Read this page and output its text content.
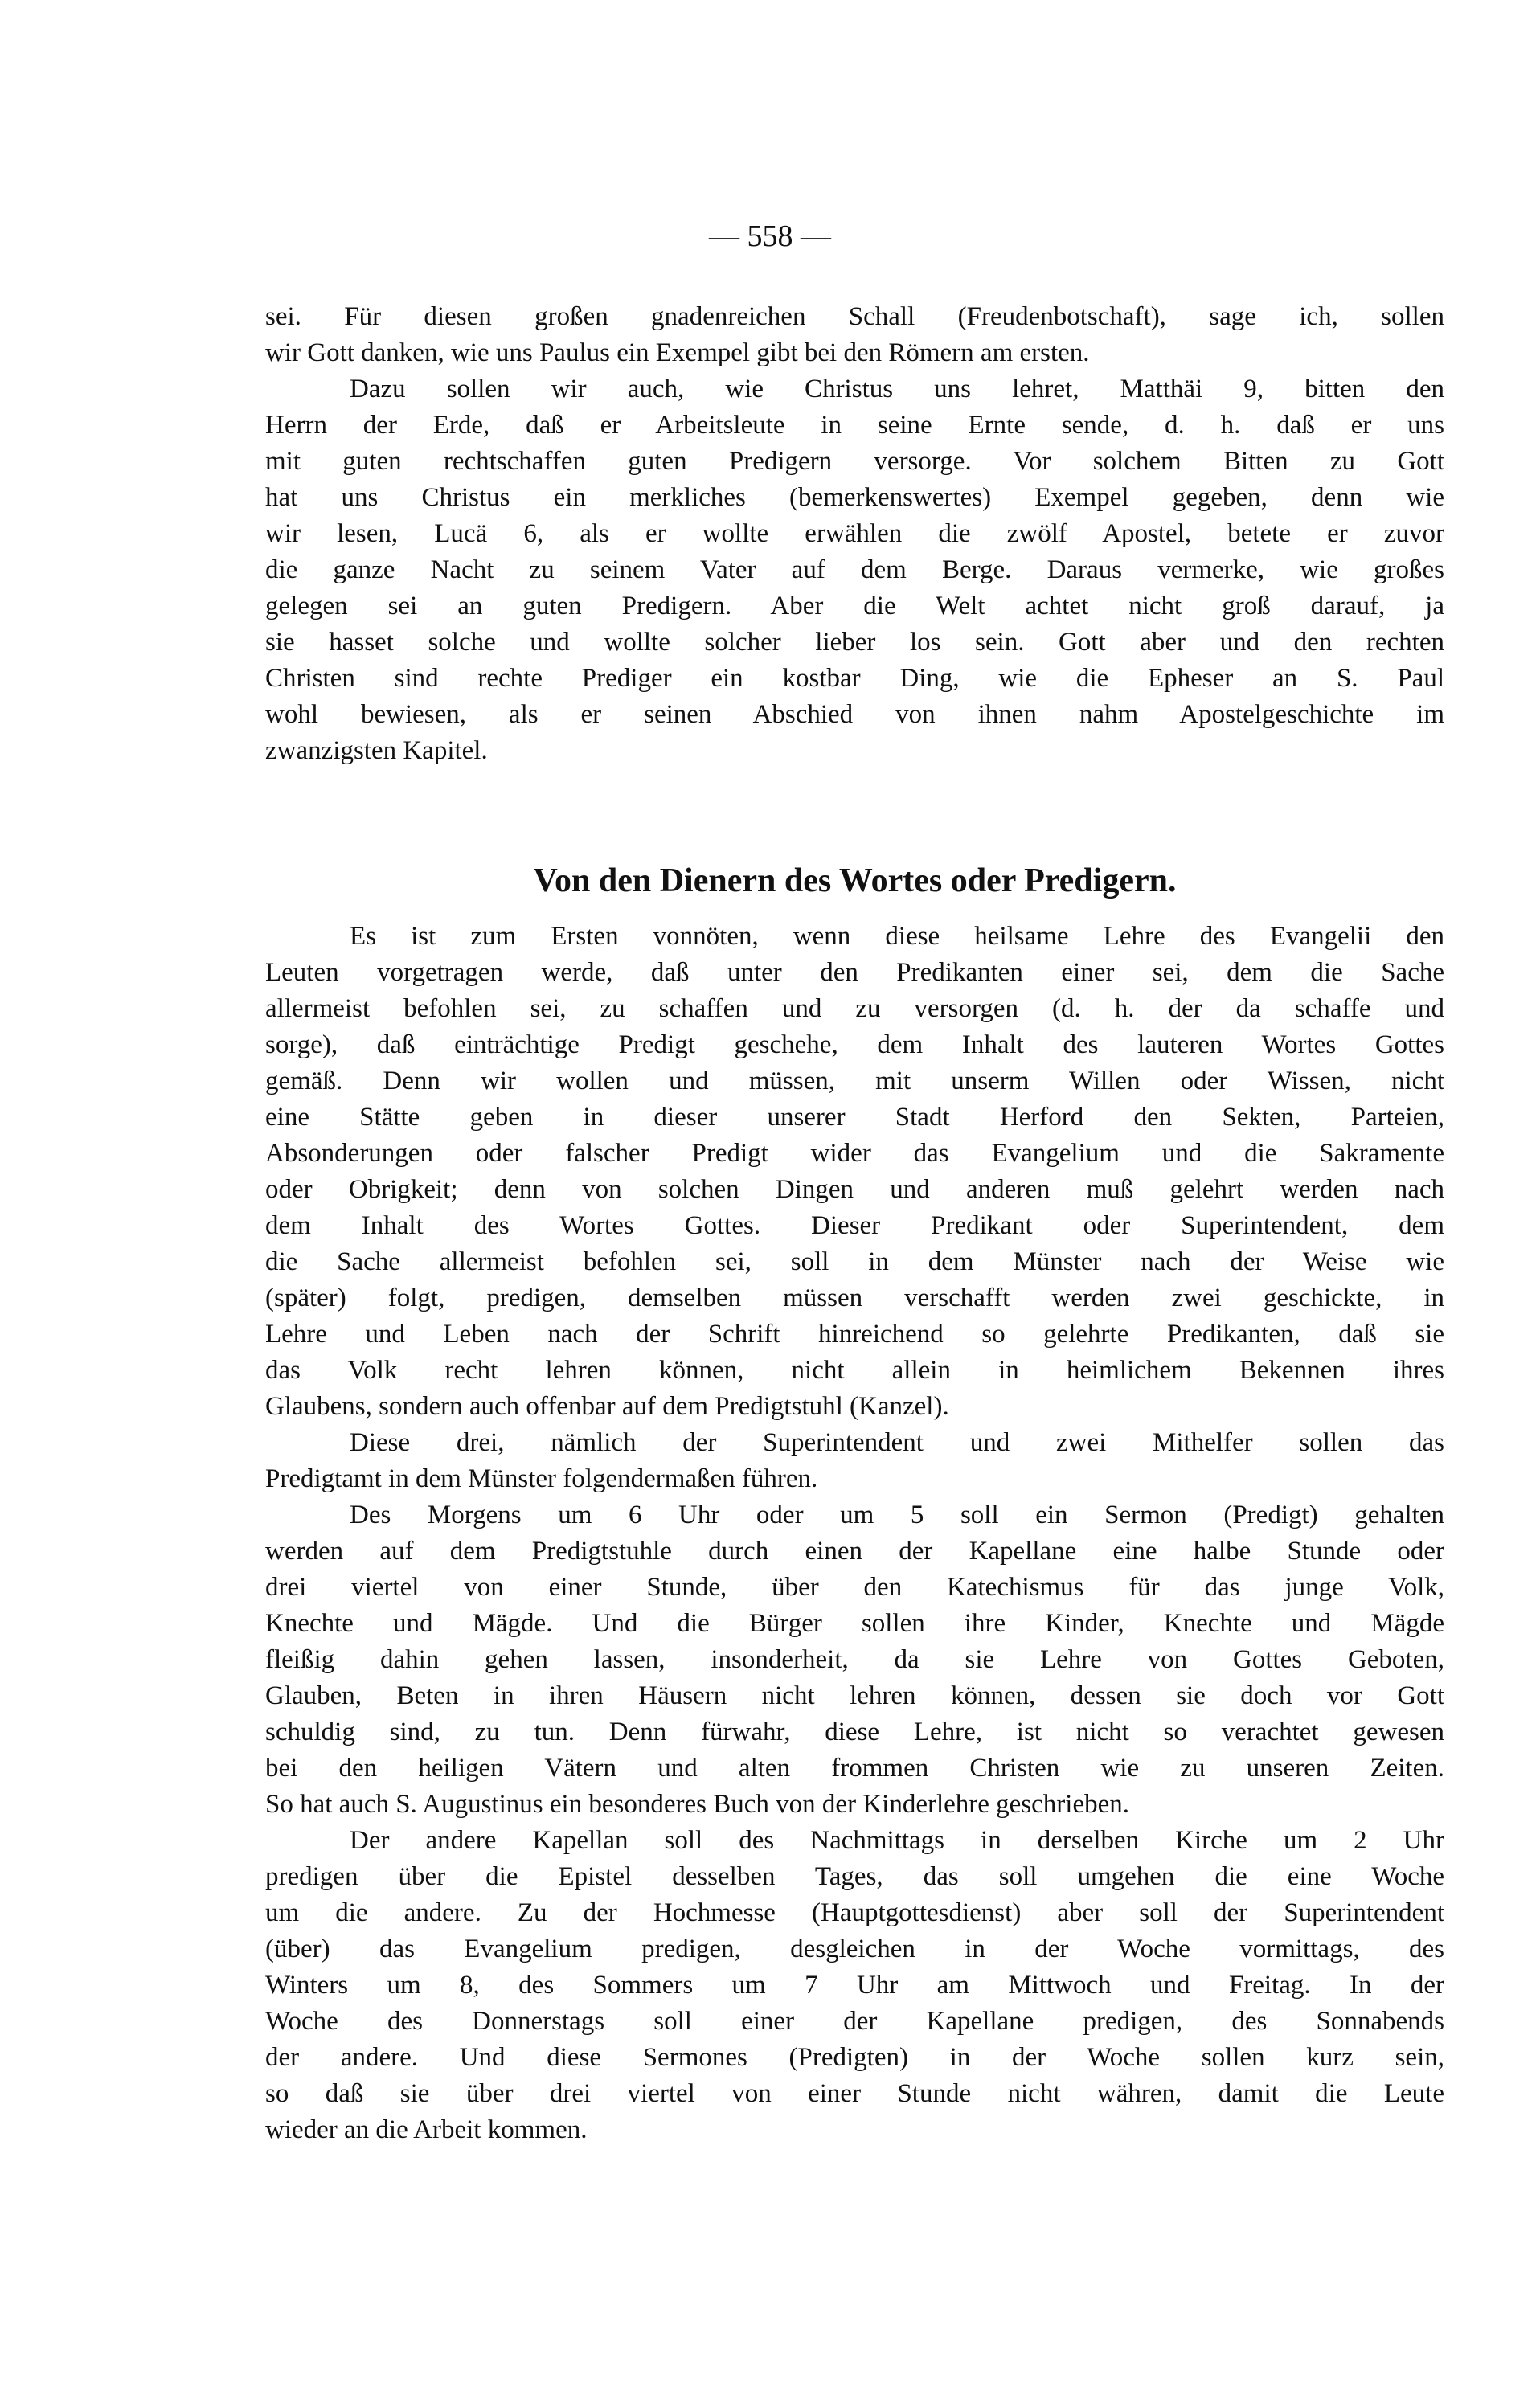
— 558 —
sei. Für diesen großen gnadenreichen Schall (Freudenbotschaft), sage ich, sollen
wir Gott danken, wie uns Paulus ein Exempel gibt bei den Römern am ersten.
Dazu sollen wir auch, wie Christus uns lehret, Matthäi 9, bitten den
Herrn der Erde, daß er Arbeitsleute in seine Ernte sende, d. h. daß er uns
mit guten rechtschaffen guten Predigern versorge. Vor solchem Bitten zu Gott
hat uns Christus ein merkliches (bemerkenswertes) Exempel gegeben, denn wie
wir lesen, Lucä 6, als er wollte erwählen die zwölf Apostel, betete er zuvor
die ganze Nacht zu seinem Vater auf dem Berge. Daraus vermerke, wie großes
gelegen sei an guten Predigern. Aber die Welt achtet nicht groß darauf, ja
sie hasset solche und wollte solcher lieber los sein. Gott aber und den rechten
Christen sind rechte Prediger ein kostbar Ding, wie die Epheser an S. Paul
wohl bewiesen, als er seinen Abschied von ihnen nahm Apostelgeschichte im
zwanzigsten Kapitel.
Von den Dienern des Wortes oder Predigern.
Es ist zum Ersten vonnöten, wenn diese heilsame Lehre des Evangelii den
Leuten vorgetragen werde, daß unter den Predikanten einer sei, dem die Sache
allermeist befohlen sei, zu schaffen und zu versorgen (d. h. der da schaffe und
sorge), daß einträchtige Predigt geschehe, dem Inhalt des lauteren Wortes Gottes
gemäß. Denn wir wollen und müssen, mit unserm Willen oder Wissen, nicht
eine Stätte geben in dieser unserer Stadt Herford den Sekten, Parteien,
Absonderungen oder falscher Predigt wider das Evangelium und die Sakramente
oder Obrigkeit; denn von solchen Dingen und anderen muß gelehrt werden nach
dem Inhalt des Wortes Gottes. Dieser Predikant oder Superintendent, dem
die Sache allermeist befohlen sei, soll in dem Münster nach der Weise wie
(später) folgt, predigen, demselben müssen verschafft werden zwei geschickte, in
Lehre und Leben nach der Schrift hinreichend so gelehrte Predikanten, daß sie
das Volk recht lehren können, nicht allein in heimlichem Bekennen ihres
Glaubens, sondern auch offenbar auf dem Predigtstuhl (Kanzel).
Diese drei, nämlich der Superintendent und zwei Mithelfer sollen das
Predigtamt in dem Münster folgendermaßen führen.
Des Morgens um 6 Uhr oder um 5 soll ein Sermon (Predigt) gehalten
werden auf dem Predigtstuhle durch einen der Kapellane eine halbe Stunde oder
drei viertel von einer Stunde, über den Katechismus für das junge Volk,
Knechte und Mägde. Und die Bürger sollen ihre Kinder, Knechte und Mägde
fleißig dahin gehen lassen, insonderheit, da sie Lehre von Gottes Geboten,
Glauben, Beten in ihren Häusern nicht lehren können, dessen sie doch vor Gott
schuldig sind, zu tun. Denn fürwahr, diese Lehre, ist nicht so verachtet gewesen
bei den heiligen Vätern und alten frommen Christen wie zu unseren Zeiten.
So hat auch S. Augustinus ein besonderes Buch von der Kinderlehre geschrieben.
Der andere Kapellan soll des Nachmittags in derselben Kirche um 2 Uhr
predigen über die Epistel desselben Tages, das soll umgehen die eine Woche
um die andere. Zu der Hochmesse (Hauptgottesdienst) aber soll der Superintendent
(über) das Evangelium predigen, desgleichen in der Woche vormittags, des
Winters um 8, des Sommers um 7 Uhr am Mittwoch und Freitag. In der
Woche des Donnerstags soll einer der Kapellane predigen, des Sonnabends
der andere. Und diese Sermones (Predigten) in der Woche sollen kurz sein,
so daß sie über drei viertel von einer Stunde nicht währen, damit die Leute
wieder an die Arbeit kommen.
